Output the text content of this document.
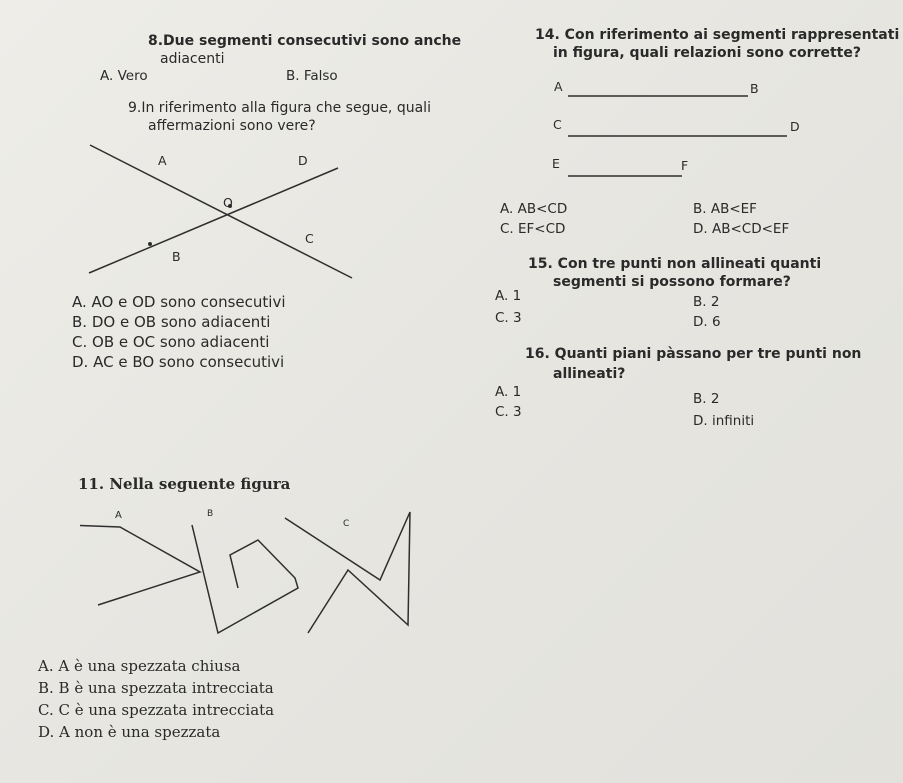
8.Due segmenti consecutivi sono anche
adiacenti
A. Vero	B. Falso
9.In riferimento alla figura che segue, quali
affermazioni sono vere?
A	D
O
B
C
A. AO e OD sono consecutivi
B. DO e OB sono adiacenti
C. OB e OC sono adiacenti
D. AC e BO sono consecutivi
11. Nella seguente figura
A	B
C
A. A è una spezzata chiusa
B. B è una spezzata intrecciata
C. C è una spezzata intrecciata
D. A non è una spezzata
14. Con riferimento ai segmenti rappresentati
in figura, quali relazioni sono corrette?
A	B
C	D
E	F
A. AB<CD	B. AB<EF
C. EF<CD	D. AB<CD<EF
15. Con tre punti non allineati quanti
segmenti si possono formare?
A. 1	B. 2
C. 3	D. 6
16. Quanti piani pàssano per tre punti non
allineati?
A. 1	B. 2
C. 3
D. infiniti
